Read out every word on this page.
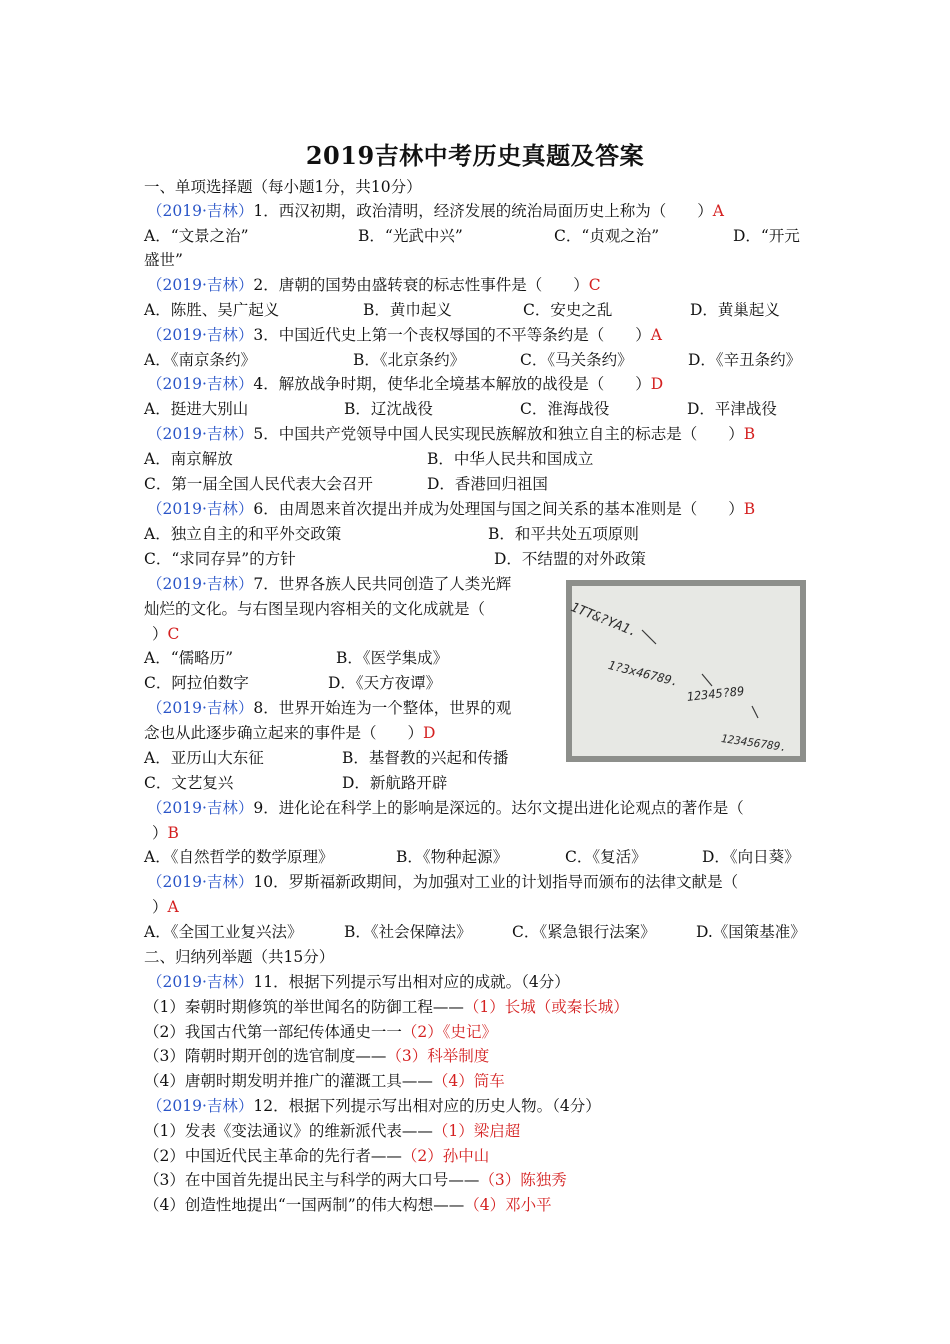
2019吉林中考历史真题及答案
一、单项选择题（每小题1分，共10分）
（2019·吉林）1．西汉初期，政治清明，经济发展的统治局面历史上称为（　　）A
A．“文景之治”	B．“光武中兴”	C．“贞观之治”	D．“开元
盛世”
（2019·吉林）2．唐朝的国势由盛转衰的标志性事件是（　　）C
A．陈胜、吴广起义	B．黄巾起义	C．安史之乱	D．黄巢起义
（2019·吉林）3．中国近代史上第一个丧权辱国的不平等条约是（　　）A
A．《南京条约》	B．《北京条约》	C．《马关条约》	D．《辛丑条约》
（2019·吉林）4．解放战争时期，使华北全境基本解放的战役是（　　）D
A．挺进大别山	B．辽沈战役	C．淮海战役	D．平津战役
（2019·吉林）5．中国共产党领导中国人民实现民族解放和独立自主的标志是（　　）B
A．南京解放	B．中华人民共和国成立
C．第一届全国人民代表大会召开	D．香港回归祖国
（2019·吉林）6．由周恩来首次提出并成为处理国与国之间关系的基本准则是（　　）B
A．独立自主的和平外交政策	B．和平共处五项原则
C．“求同存异”的方针	D．不结盟的对外政策
（2019·吉林）7．世界各族人民共同创造了人类光辉
灿烂的文化。与右图呈现内容相关的文化成就是（
）C
A．“儒略历”	B．《医学集成》
C．阿拉伯数字	D．《天方夜谭》
1TT&?YA1.
1?3x46789.
12345?89
123456789.
（2019·吉林）8．世界开始连为一个整体，世界的观
念也从此逐步确立起来的事件是（　　）D
A．亚历山大东征	B．基督教的兴起和传播
C．文艺复兴	D．新航路开辟
（2019·吉林）9．进化论在科学上的影响是深远的。达尔文提出进化论观点的著作是（
）B
A．《自然哲学的数学原理》	B．《物种起源》	C．《复活》	D．《向日葵》
（2019·吉林）10．罗斯福新政期间，为加强对工业的计划指导而颁布的法律文献是（
）A
A．《全国工业复兴法》	B．《社会保障法》	C．《紧急银行法案》	D.《国策基准》
二、归纳列举题（共15分）
（2019·吉林）11．根据下列提示写出相对应的成就。（4分）
（1）秦朝时期修筑的举世闻名的防御工程——（1）长城（或秦长城）
（2）我国古代第一部纪传体通史一一（2）《史记》
（3）隋朝时期开创的选官制度——（3）科举制度
（4）唐朝时期发明并推广的灌溉工具——（4）筒车
（2019·吉林）12．根据下列提示写出相对应的历史人物。（4分）
（1）发表《变法通议》的维新派代表——（1）梁启超
（2）中国近代民主革命的先行者——（2）孙中山
（3）在中国首先提出民主与科学的两大口号——（3）陈独秀
（4）创造性地提出“一国两制”的伟大构想——（4）邓小平
